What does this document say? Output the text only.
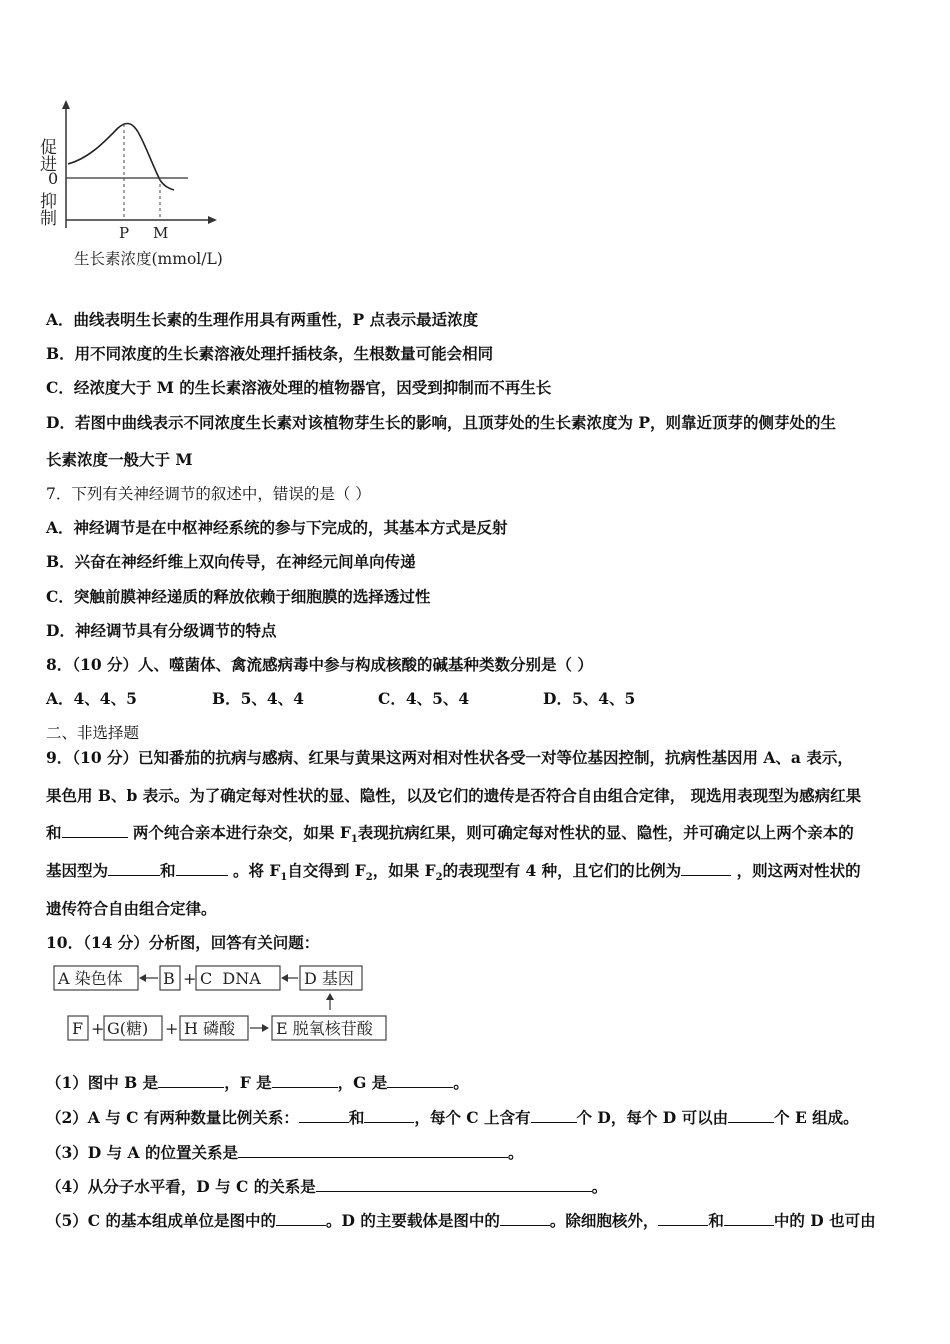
促进
0
抑制
P M
生长素浓度(mmol/L)
A．曲线表明生长素的生理作用具有两重性，P 点表示最适浓度
B．用不同浓度的生长素溶液处理扦插枝条，生根数量可能会相同
C．经浓度大于 M 的生长素溶液处理的植物器官，因受到抑制而不再生长
D．若图中曲线表示不同浓度生长素对该植物芽生长的影响，且顶芽处的生长素浓度为 P，则靠近顶芽的侧芽处的生
长素浓度一般大于 M
7．下列有关神经调节的叙述中，错误的是（ ）
A．神经调节是在中枢神经系统的参与下完成的，其基本方式是反射
B．兴奋在神经纤维上双向传导，在神经元间单向传递
C．突触前膜神经递质的释放依赖于细胞膜的选择透过性
D．神经调节具有分级调节的特点
8．（10 分）人、噬菌体、禽流感病毒中参与构成核酸的碱基种类数分别是（ ）
A．4、4、5	B．5、4、4	C．4、5、4	D．5、4、5
二、非选择题
9．（10 分）已知番茄的抗病与感病、红果与黄果这两对相对性状各受一对等位基因控制，抗病性基因用 A、a 表示，
果色用 B、b 表示。为了确定每对性状的显、隐性，以及它们的遗传是否符合自由组合定律， 现选用表现型为感病红果
和	两个纯合亲本进行杂交，如果 $F_1$表现抗病红果，则可确定每对性状的显、隐性，并可确定以上两个亲本的
基因型为	和	。将 $F_1$自交得到 $F_2$，如果 $F_2$的表现型有 4 种，且它们的比例为	，则这两对性状的
遗传符合自由组合定律。
10．（14 分）分析图，回答有关问题：
A 染色体	B + C  DNA	D 基因
F + G(糖) + H 磷酸	E 脱氧核苷酸
（1）图中 B 是	，F 是	，G 是	。
（2）A 与 C 有两种数量比例关系：	和	，每个 C 上含有	个 D，每个 D 可以由	个 E 组成。
（3）D 与 A 的位置关系是	。
（4）从分子水平看，D 与 C 的关系是	。
（5）C 的基本组成单位是图中的	。D 的主要载体是图中的	。除细胞核外，	和	中的 D 也可由
